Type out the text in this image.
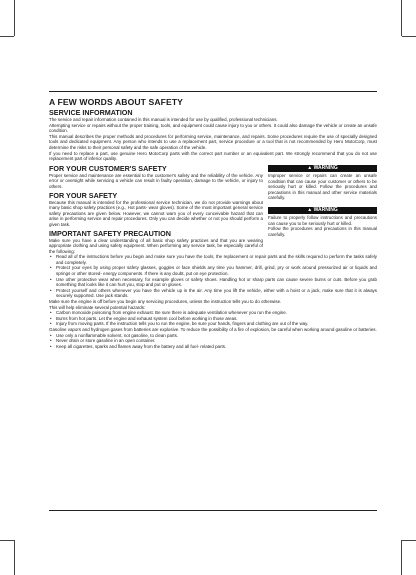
A FEW WORDS ABOUT SAFETY
SERVICE INFORMATION

The service and repair information contained in this manual is intended for use by qualified, professional technicians.

Attempting service or repairs without the proper training, tools, and equipment could cause injury to you or others. It could also damage the vehicle or create an unsafe condition.

This manual describes the proper methods and procedures for performing service, maintenance, and repairs. Some procedures require the use of specially designed tools and dedicated equipment. Any person who intends to use a replacement part, service procedure or a tool that is not recommended by Hero MotoCorp, must determine the risks to their personal safety and the safe operation of the vehicle.

If you need to replace a part, use genuine Hero MotoCorp parts with the correct part number or an equivalent part. We strongly recommend that you do not use replacement part of inferior quality.

FOR YOUR CUSTOMER'S SAFETY

Proper service and maintenance are essential to the customer's safety and the reliability of the vehicle. Any error or oversight while servicing a vehicle can result in faulty operation, damage to the vehicle, or injury to others.

FOR YOUR SAFETY

Because this manual is intended for the professional service technician, we do not provide warnings about many basic shop safety practices (e.g., Hot parts- wear gloves). Some of the most important general service safety precautions are given below. However, we cannot warn you of every conceivable hazard that can arise in performing service and repair procedures. Only you can decide whether or not you should perform a given task.

IMPORTANT SAFETY PRECAUTION

Make sure you have a clear understanding of all basic shop safety practices and that you are wearing appropriate clothing and using safety equipment. When performing any service task, be especially careful of the following:

▲ WARNING

Improper service or repairs can create an unsafe condition that can cause your customer or others to be seriously hurt or killed. Follow the procedures and precautions in this manual and other service materials carefully.

▲ WARNING

Failure to properly follow instructions and precautions can cause you to be seriously hurt or killed.

Follow the procedures and precautions in this manual carefully.

• Read all of the instructions before you begin and make sure you have the tools, the replacement or repair parts and the skills required to perform the tasks safely and completely.
• Protect your eyes by using proper safety glasses, goggles or face shields any time you hammer, drill, grind, pry or work around pressurized air or liquids and springs or other stored- energy components. If there is any doubt, put on eye protection.
• Use other protective wear when necessary, for example gloves or safety shoes. Handling hot or sharp parts can cause severe burns or cuts. Before you grab something that looks like it can hurt you, stop and put on gloves.
• Protect yourself and others whenever you have the vehicle up in the air. Any time you lift the vehicle, either with a hoist or a jack, make sure that it is always securely supported. Use jack stands.

Make sure the engine is off before you begin any servicing procedures, unless the instruction tells you to do otherwise.

This will help eliminate several potential hazards:

• Carbon monoxide poisoning from engine exhaust. Be sure there is adequate ventilation whenever you run the engine.
• Burns from hot parts. Let the engine and exhaust system cool before working in those areas.
• Injury from moving parts. If the instruction tells you to run the engine, be sure your hands, fingers and clothing are out of the way.

Gasoline vapors and hydrogen gases from batteries are explosive. To reduce the possibility of a fire of explosion, be careful when working around gasoline or batteries.

• Use only a nonflammable solvent, not gasoline, to clean parts.
• Never drain or store gasoline in an open container.
• Keep all cigarettes, sparks and flames away from the battery and all fuel- related parts.
